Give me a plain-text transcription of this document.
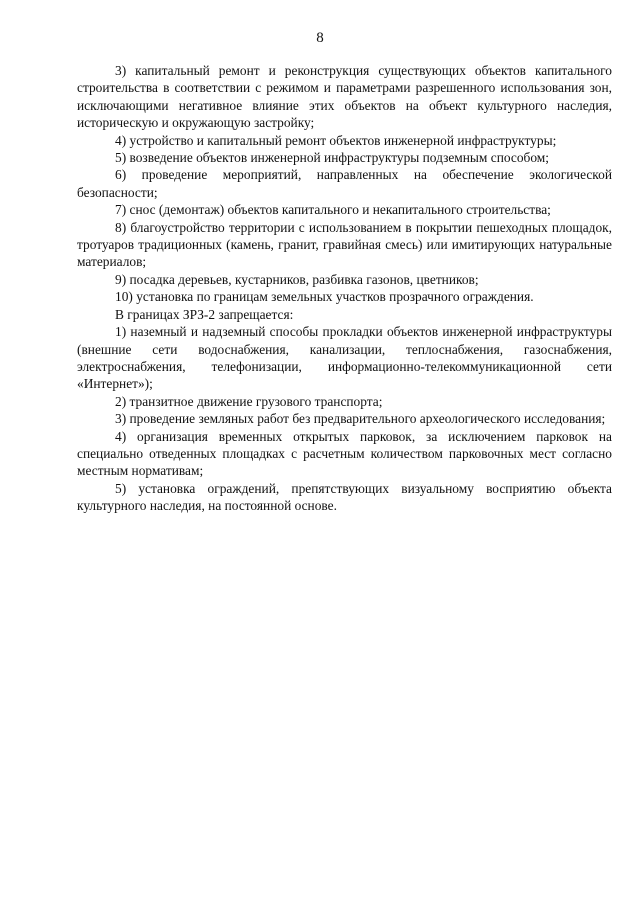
8

3) капитальный ремонт и реконструкция существующих объектов капитального строительства в соответствии с режимом и параметрами разрешенного использования зон, исключающими негативное влияние этих объектов на объект культурного наследия, историческую и окружающую застройку;

4) устройство и капитальный ремонт объектов инженерной инфраструктуры;

5) возведение объектов инженерной инфраструктуры подземным способом;

6) проведение мероприятий, направленных на обеспечение экологической безопасности;

7) снос (демонтаж) объектов капитального и некапитального строительства;

8) благоустройство территории с использованием в покрытии пешеходных площадок, тротуаров традиционных (камень, гранит, гравийная смесь) или имитирующих натуральные материалов;

9) посадка деревьев, кустарников, разбивка газонов, цветников;

10) установка по границам земельных участков прозрачного ограждения.

В границах ЗРЗ-2 запрещается:

1) наземный и надземный способы прокладки объектов инженерной инфраструктуры (внешние сети водоснабжения, канализации, теплоснабжения, газоснабжения, электроснабжения, телефонизации, информационно-телекоммуникационной сети «Интернет»);

2) транзитное движение грузового транспорта;

3) проведение земляных работ без предварительного археологического исследования;

4) организация временных открытых парковок, за исключением парковок на специально отведенных площадках с расчетным количеством парковочных мест согласно местным нормативам;

5) установка ограждений, препятствующих визуальному восприятию объекта культурного наследия, на постоянной основе.
